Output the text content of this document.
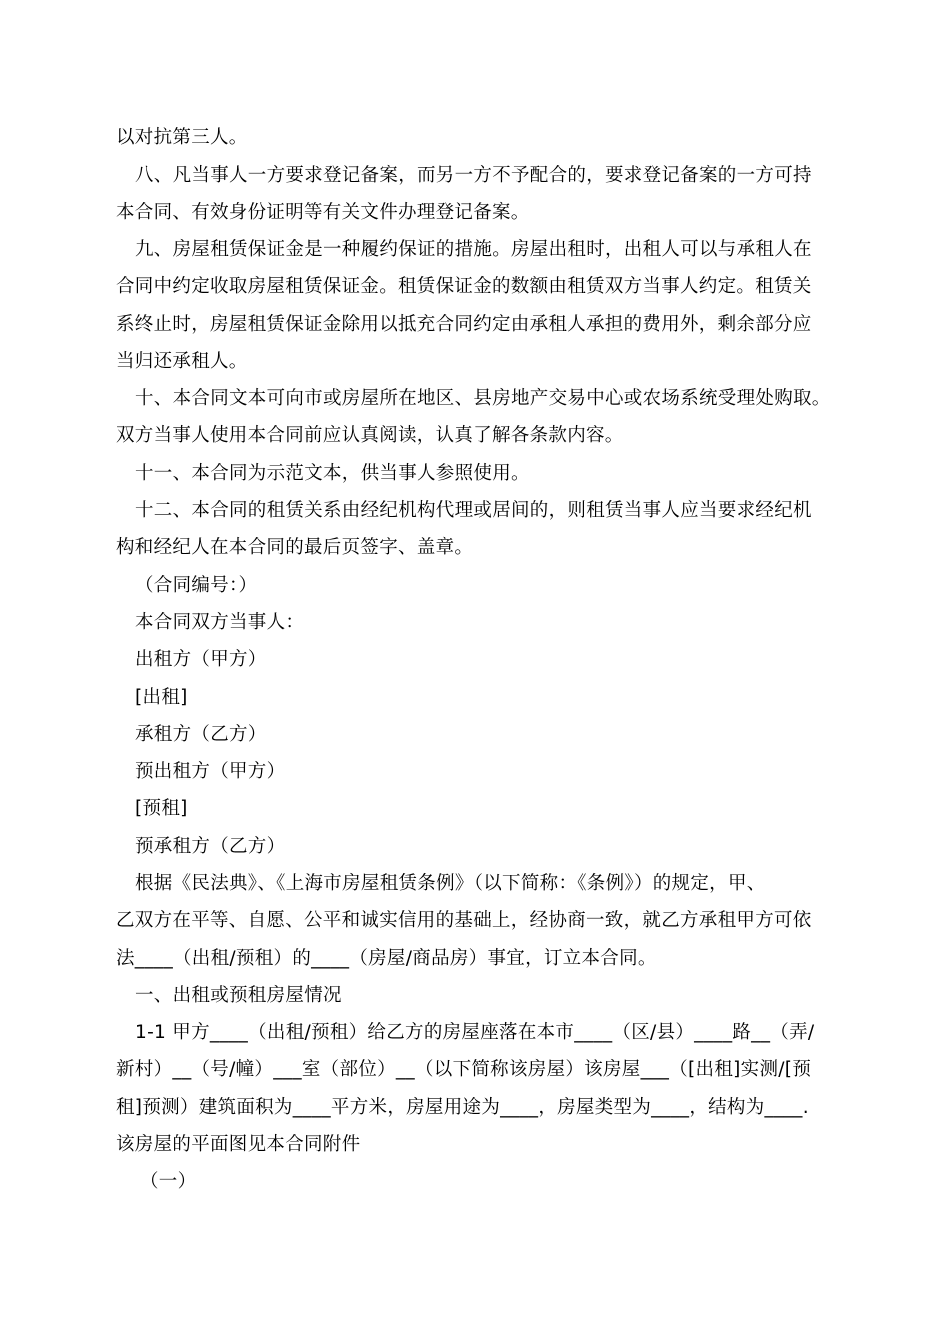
以对抗第三人。
八、凡当事人一方要求登记备案，而另一方不予配合的，要求登记备案的一方可持
本合同、有效身份证明等有关文件办理登记备案。
九、房屋租赁保证金是一种履约保证的措施。房屋出租时，出租人可以与承租人在
合同中约定收取房屋租赁保证金。租赁保证金的数额由租赁双方当事人约定。租赁关
系终止时，房屋租赁保证金除用以抵充合同约定由承租人承担的费用外，剩余部分应
当归还承租人。
十、本合同文本可向市或房屋所在地区、县房地产交易中心或农场系统受理处购取。
双方当事人使用本合同前应认真阅读，认真了解各条款内容。
十一、本合同为示范文本，供当事人参照使用。
十二、本合同的租赁关系由经纪机构代理或居间的，则租赁当事人应当要求经纪机
构和经纪人在本合同的最后页签字、盖章。
（合同编号：）
本合同双方当事人：
出租方（甲方）
[出租]
承租方（乙方）
预出租方（甲方）
[预租]
预承租方（乙方）
根据《民法典》、《上海市房屋租赁条例》（以下简称：《条例》）的规定，甲、
乙双方在平等、自愿、公平和诚实信用的基础上，经协商一致，就乙方承租甲方可依
法____（出租/预租）的____（房屋/商品房）事宜，订立本合同。
一、出租或预租房屋情况
1-1 甲方____（出租/预租）给乙方的房屋座落在本市____（区/县）____路__（弄/
新村）__（号/幢）___室（部位）__（以下简称该房屋）该房屋___（[出租]实测/[预
租]预测）建筑面积为____平方米，房屋用途为____，房屋类型为____，结构为____.
该房屋的平面图见本合同附件
（一）
